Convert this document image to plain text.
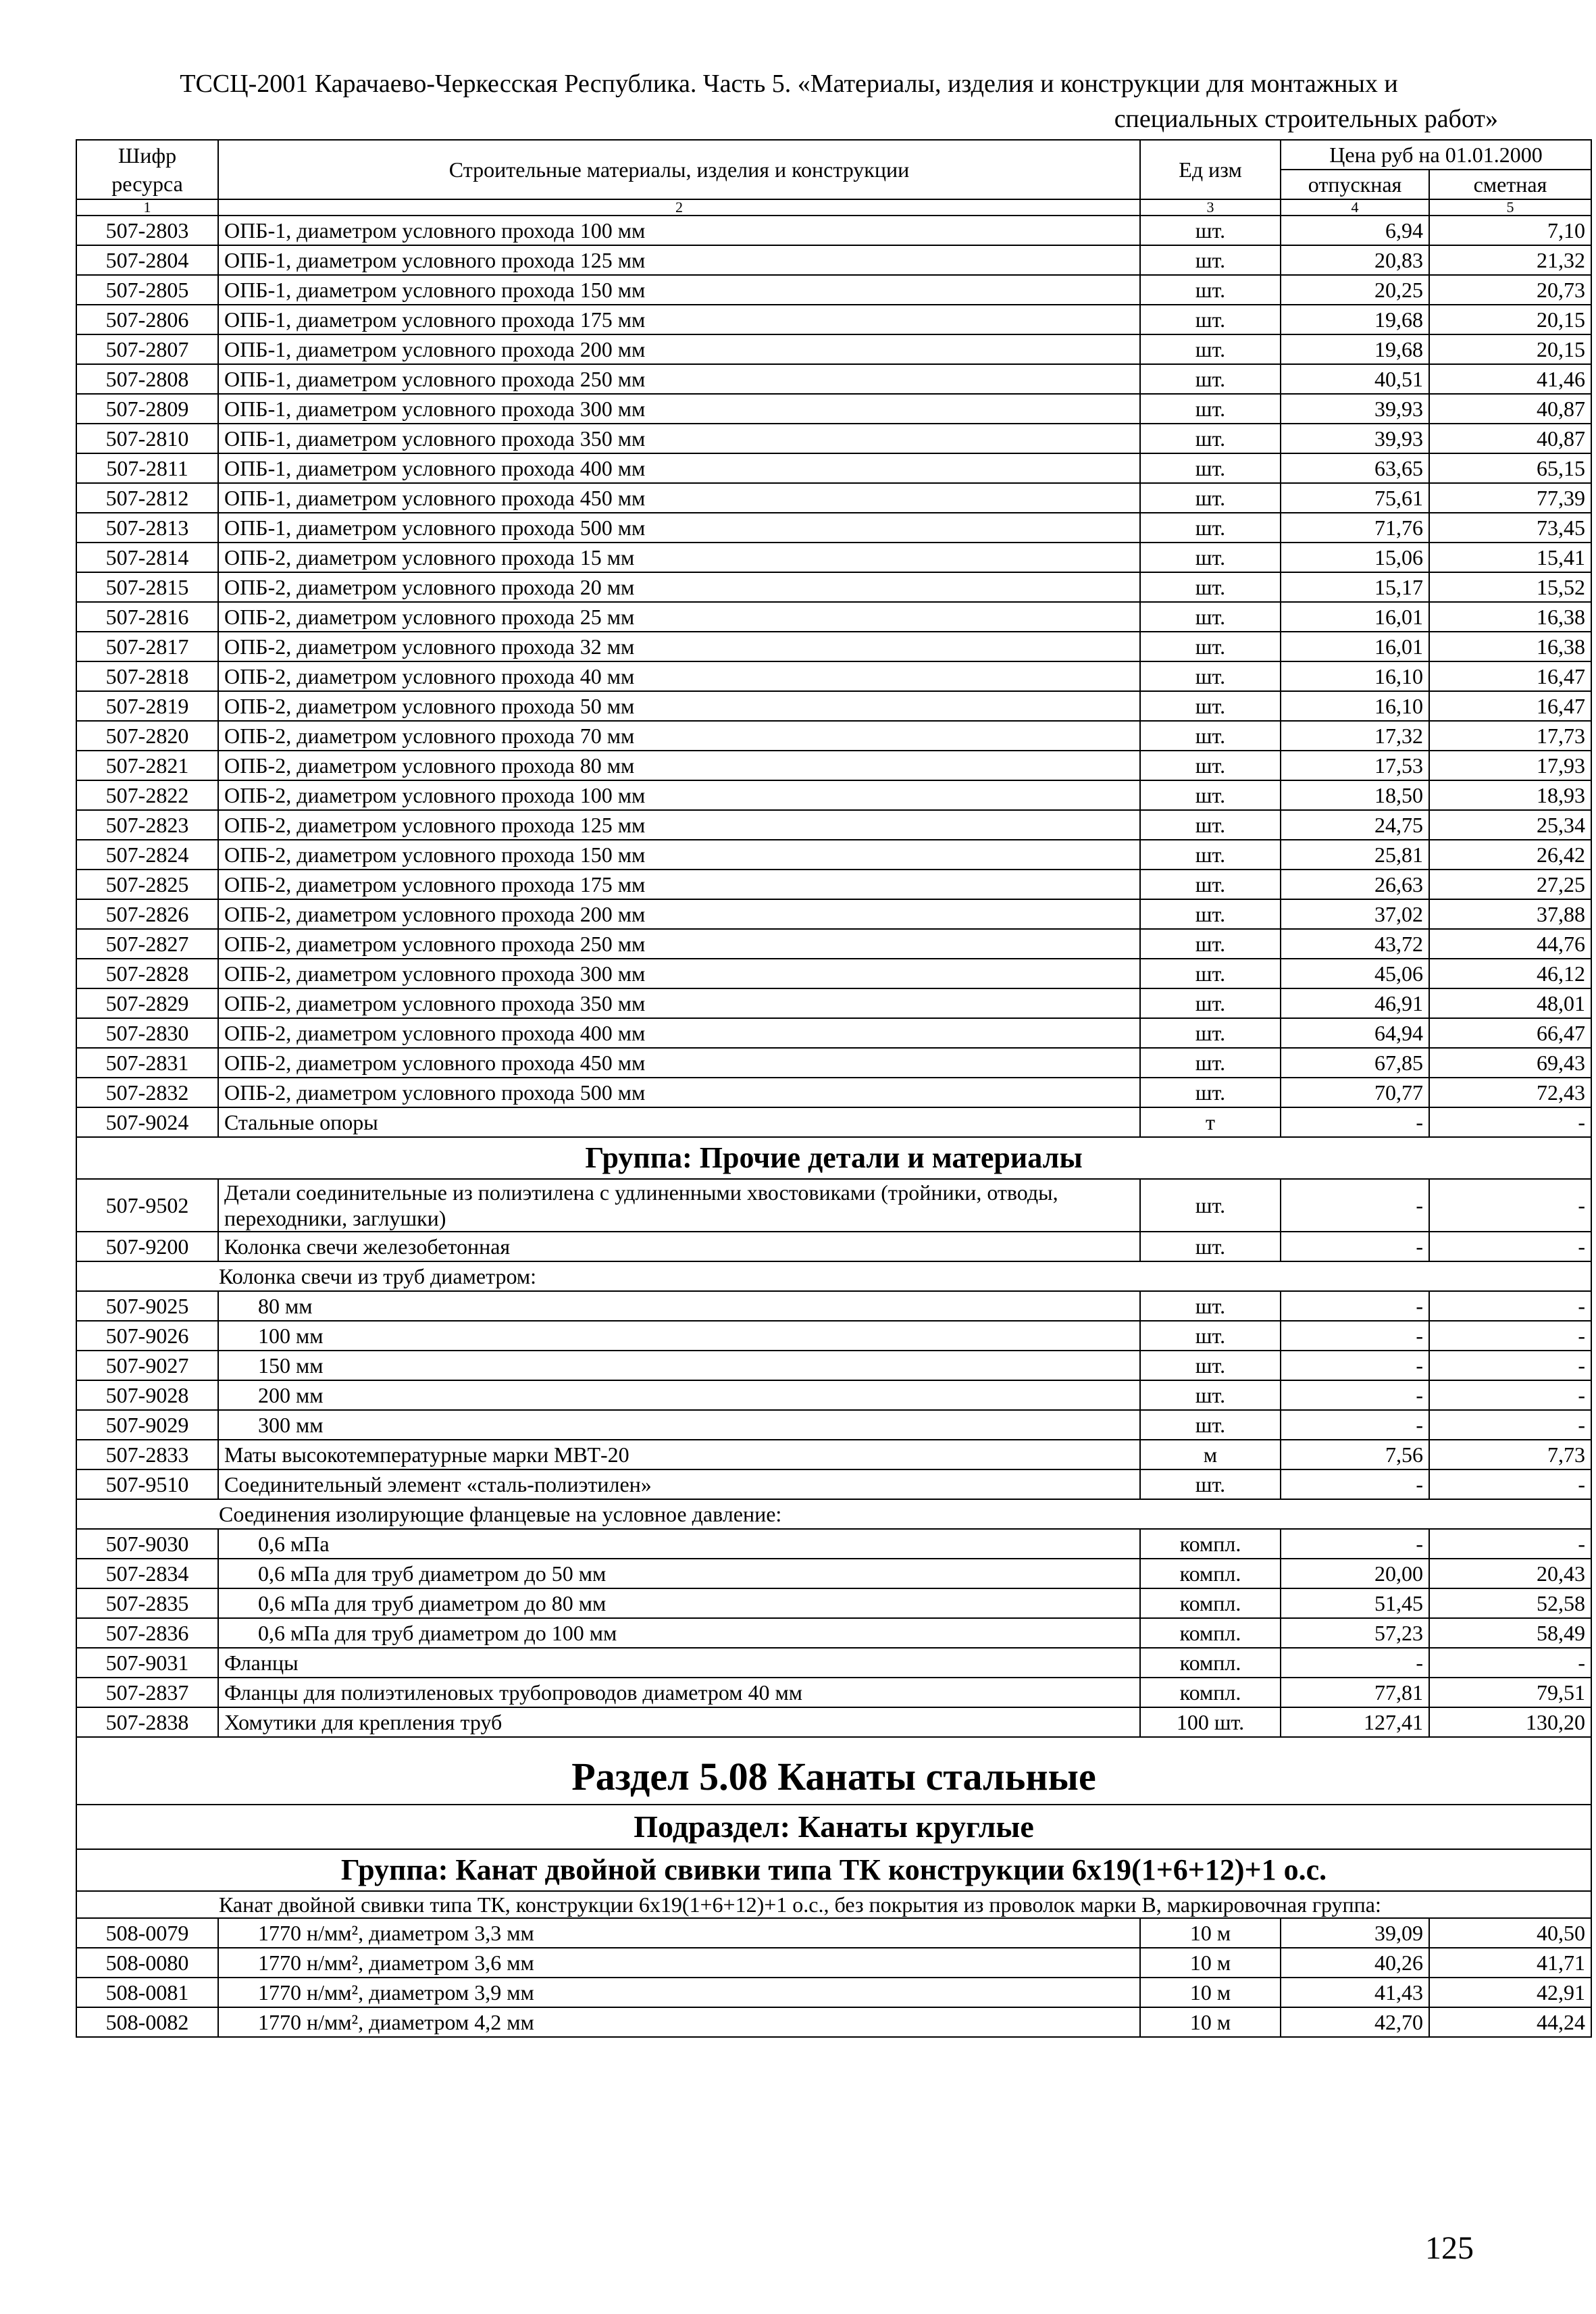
ТССЦ-2001 Карачаево-Черкесская Республика. Часть 5. «Материалы, изделия и конструкции для монтажных и
специальных строительных работ»
Шифр ресурса	Строительные материалы, изделия и конструкции	Ед изм	Цена руб на 01.01.2000	
			отпускная	сметная
1	2	3	4	5
507-2803	ОПБ-1, диаметром условного прохода 100 мм	шт.	6,94	7,10
507-2804	ОПБ-1, диаметром условного прохода 125 мм	шт.	20,83	21,32
507-2805	ОПБ-1, диаметром условного прохода 150 мм	шт.	20,25	20,73
507-2806	ОПБ-1, диаметром условного прохода 175 мм	шт.	19,68	20,15
507-2807	ОПБ-1, диаметром условного прохода 200 мм	шт.	19,68	20,15
507-2808	ОПБ-1, диаметром условного прохода 250 мм	шт.	40,51	41,46
507-2809	ОПБ-1, диаметром условного прохода 300 мм	шт.	39,93	40,87
507-2810	ОПБ-1, диаметром условного прохода 350 мм	шт.	39,93	40,87
507-2811	ОПБ-1, диаметром условного прохода 400 мм	шт.	63,65	65,15
507-2812	ОПБ-1, диаметром условного прохода 450 мм	шт.	75,61	77,39
507-2813	ОПБ-1, диаметром условного прохода 500 мм	шт.	71,76	73,45
507-2814	ОПБ-2, диаметром условного прохода 15 мм	шт.	15,06	15,41
507-2815	ОПБ-2, диаметром условного прохода 20 мм	шт.	15,17	15,52
507-2816	ОПБ-2, диаметром условного прохода 25 мм	шт.	16,01	16,38
507-2817	ОПБ-2, диаметром условного прохода 32 мм	шт.	16,01	16,38
507-2818	ОПБ-2, диаметром условного прохода 40 мм	шт.	16,10	16,47
507-2819	ОПБ-2, диаметром условного прохода 50 мм	шт.	16,10	16,47
507-2820	ОПБ-2, диаметром условного прохода 70 мм	шт.	17,32	17,73
507-2821	ОПБ-2, диаметром условного прохода 80 мм	шт.	17,53	17,93
507-2822	ОПБ-2, диаметром условного прохода 100 мм	шт.	18,50	18,93
507-2823	ОПБ-2, диаметром условного прохода 125 мм	шт.	24,75	25,34
507-2824	ОПБ-2, диаметром условного прохода 150 мм	шт.	25,81	26,42
507-2825	ОПБ-2, диаметром условного прохода 175 мм	шт.	26,63	27,25
507-2826	ОПБ-2, диаметром условного прохода 200 мм	шт.	37,02	37,88
507-2827	ОПБ-2, диаметром условного прохода 250 мм	шт.	43,72	44,76
507-2828	ОПБ-2, диаметром условного прохода 300 мм	шт.	45,06	46,12
507-2829	ОПБ-2, диаметром условного прохода 350 мм	шт.	46,91	48,01
507-2830	ОПБ-2, диаметром условного прохода 400 мм	шт.	64,94	66,47
507-2831	ОПБ-2, диаметром условного прохода 450 мм	шт.	67,85	69,43
507-2832	ОПБ-2, диаметром условного прохода 500 мм	шт.	70,77	72,43
507-9024	Стальные опоры	т	-	-
Группа: Прочие детали и материалы				
507-9502	Детали соединительные из полиэтилена с удлиненными хвостовиками (тройники, отводы, переходники, заглушки)	шт.	-	-
507-9200	Колонка свечи железобетонная	шт.	-	-
Колонка свечи из труб диаметром:				
507-9025	80 мм	шт.	-	-
507-9026	100 мм	шт.	-	-
507-9027	150 мм	шт.	-	-
507-9028	200 мм	шт.	-	-
507-9029	300 мм	шт.	-	-
507-2833	Маты высокотемпературные марки МВТ-20	м	7,56	7,73
507-9510	Соединительный элемент «сталь-полиэтилен»	шт.	-	-
Соединения изолирующие фланцевые на условное давление:				
507-9030	0,6 мПа	компл.	-	-
507-2834	0,6 мПа для труб диаметром до 50 мм	компл.	20,00	20,43
507-2835	0,6 мПа для труб диаметром до 80 мм	компл.	51,45	52,58
507-2836	0,6 мПа для труб диаметром до 100 мм	компл.	57,23	58,49
507-9031	Фланцы	компл.	-	-
507-2837	Фланцы для полиэтиленовых трубопроводов диаметром 40 мм	компл.	77,81	79,51
507-2838	Хомутики для крепления труб	100 шт.	127,41	130,20
Раздел 5.08 Канаты стальные				
Подраздел: Канаты круглые				
Группа: Канат двойной свивки типа ТК конструкции 6х19(1+6+12)+1 о.с.				
Канат двойной свивки типа ТК, конструкции 6х19(1+6+12)+1 о.с., без покрытия из проволок марки В, маркировочная группа:				
508-0079	1770 н/мм², диаметром 3,3 мм	10 м	39,09	40,50
508-0080	1770 н/мм², диаметром 3,6 мм	10 м	40,26	41,71
508-0081	1770 н/мм², диаметром 3,9 мм	10 м	41,43	42,91
508-0082	1770 н/мм², диаметром 4,2 мм	10 м	42,70	44,24
125
